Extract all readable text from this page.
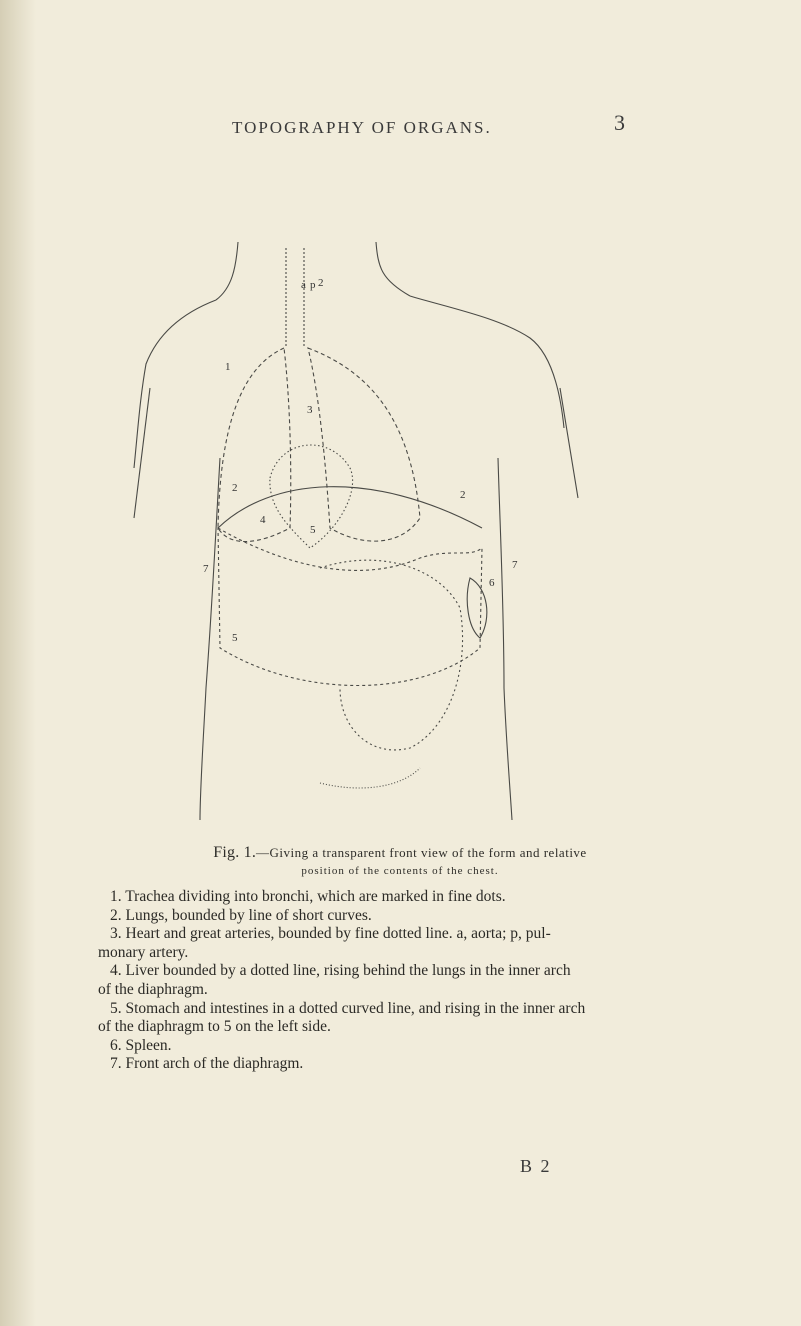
TOPOGRAPHY OF ORGANS.	3
a p
1
2
2
2
3
4
5
5
6
7	7
Fig. 1.—Giving a transparent front view of the form and relative
position of the contents of the chest.

1. Trachea dividing into bronchi, which are marked in fine dots.

2. Lungs, bounded by line of short curves.

3. Heart and great arteries, bounded by fine dotted line. a, aorta; p, pul-

monary artery.

4. Liver bounded by a dotted line, rising behind the lungs in the inner arch

of the diaphragm.

5. Stomach and intestines in a dotted curved line, and rising in the inner arch

of the diaphragm to 5 on the left side.

6. Spleen.

7. Front arch of the diaphragm.

B 2
